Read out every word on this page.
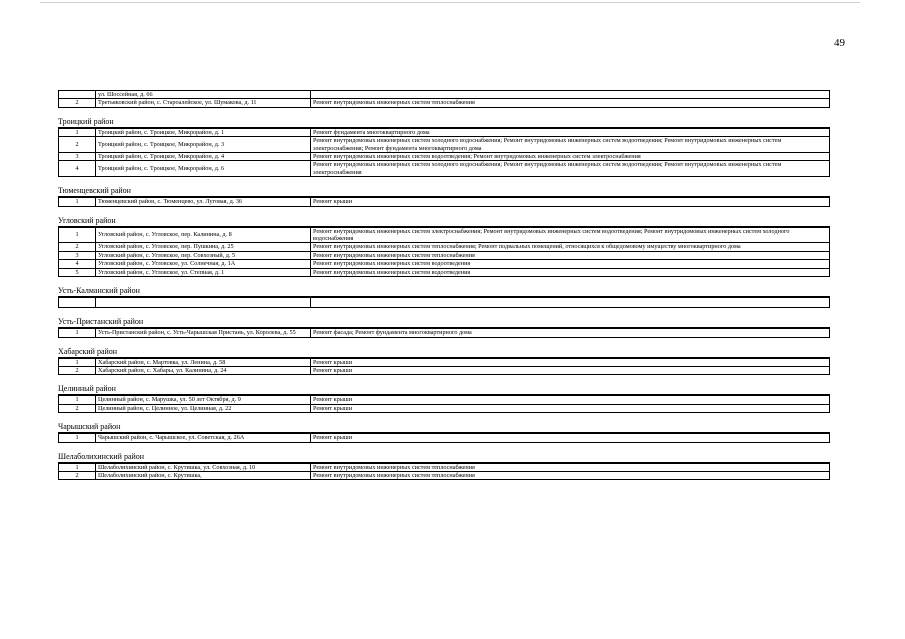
49
	ул. Шоссейная, д. 66	
2	Третьяковский район, с. Староалейское, ул. Шумакова, д. 11	Ремонт внутридомовых инженерных систем теплоснабжения
Троицкий район
1	Троицкий район, с. Троицкое, Микрорайон, д. 1	Ремонт фундамента многоквартирного дома
2	Троицкий район, с. Троицкое, Микрорайон, д. 3	Ремонт внутридомовых инженерных систем холодного водоснабжения; Ремонт внутридомовых инженерных систем водоотведения; Ремонт внутридомовых инженерных систем электроснабжения; Ремонт фундамента многоквартирного дома
3	Троицкий район, с. Троицкое, Микрорайон, д. 4	Ремонт внутридомовых инженерных систем водоотведения; Ремонт внутридомовых инженерных систем электроснабжения
4	Троицкий район, с. Троицкое, Микрорайон, д. 6	Ремонт внутридомовых инженерных систем холодного водоснабжения; Ремонт внутридомовых инженерных систем водоотведения; Ремонт внутридомовых инженерных систем электроснабжения
Тюменцевский район
1	Тюменцевский район, с. Тюменцево, ул. Луговая, д. 36	Ремонт крыши
Угловский район
1	Угловский район, с. Угловское, пер. Калинина, д. 8	Ремонт внутридомовых инженерных систем электроснабжения; Ремонт внутридомовых инженерных систем водоотведения; Ремонт внутридомовых инженерных систем холодного водоснабжения
2	Угловский район, с. Угловское, пер. Пушкина, д. 25	Ремонт внутридомовых инженерных систем теплоснабжения; Ремонт подвальных помещений, относящихся к общедомовому имуществу многоквартирного дома
3	Угловский район, с. Угловское, пер. Совхозный, д. 5	Ремонт внутридомовых инженерных систем теплоснабжения
4	Угловский район, с. Угловское, ул. Солнечная, д. 1А	Ремонт внутридомовых инженерных систем водоотведения
5	Угловский район, с. Угловское, ул. Степная, д. 1	Ремонт внутридомовых инженерных систем водоотведения
Усть-Калманский район

Усть-Пристанский район
1	Усть-Пристанский район, с. Усть-Чарышская Пристань, ул. Королева, д. 55	Ремонт фасада; Ремонт фундамента многоквартирного дома
Хабарский район
1	Хабарский район, с. Мартовка, ул. Ленина, д. 58	Ремонт крыши
2	Хабарский район, с. Хабары, ул. Калинина, д. 24	Ремонт крыши
Целинный район
1	Целинный район, с. Марушка, ул. 50 лет Октября, д. 9	Ремонт крыши
2	Целинный район, с. Целинное, ул. Целинная, д. 22	Ремонт крыши
Чарышский район
1	Чарышский район, с. Чарышское, ул. Советская, д. 26А	Ремонт крыши
Шелаболихинский район
1	Шелаболихинский район, с. Крутишка, ул. Совхозная, д. 10	Ремонт внутридомовых инженерных систем теплоснабжения
2	Шелаболихинский район, с. Крутишка,	Ремонт внутридомовых инженерных систем теплоснабжения
